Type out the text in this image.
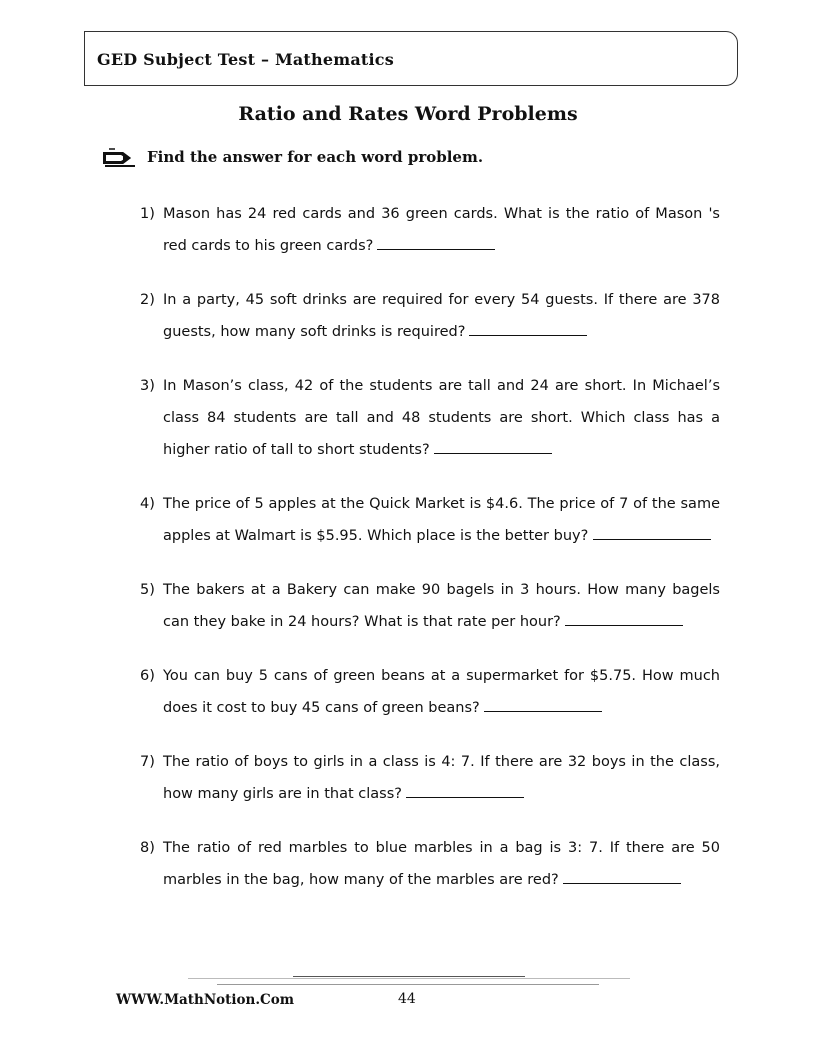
GED Subject Test – Mathematics
Ratio and Rates Word Problems
Find the answer for each word problem.
1) Mason has 24 red cards and 36 green cards. What is the ratio of Mason 's red cards to his green cards?
2) In a party, 45 soft drinks are required for every 54 guests. If there are 378 guests, how many soft drinks is required?
3) In Mason’s class, 42 of the students are tall and 24 are short. In Michael’s class 84 students are tall and 48 students are short. Which class has a higher ratio of tall to short students?
4) The price of 5 apples at the Quick Market is $4.6. The price of 7 of the same apples at Walmart is $5.95. Which place is the better buy?
5) The bakers at a Bakery can make 90 bagels in 3 hours. How many bagels can they bake in 24 hours? What is that rate per hour?
6) You can buy 5 cans of green beans at a supermarket for $5.75. How much does it cost to buy 45 cans of green beans?
7) The ratio of boys to girls in a class is 4: 7. If there are 32 boys in the class, how many girls are in that class?
8) The ratio of red marbles to blue marbles in a bag is 3: 7. If there are 50 marbles in the bag, how many of the marbles are red?
WWW.MathNotion.Com	44
